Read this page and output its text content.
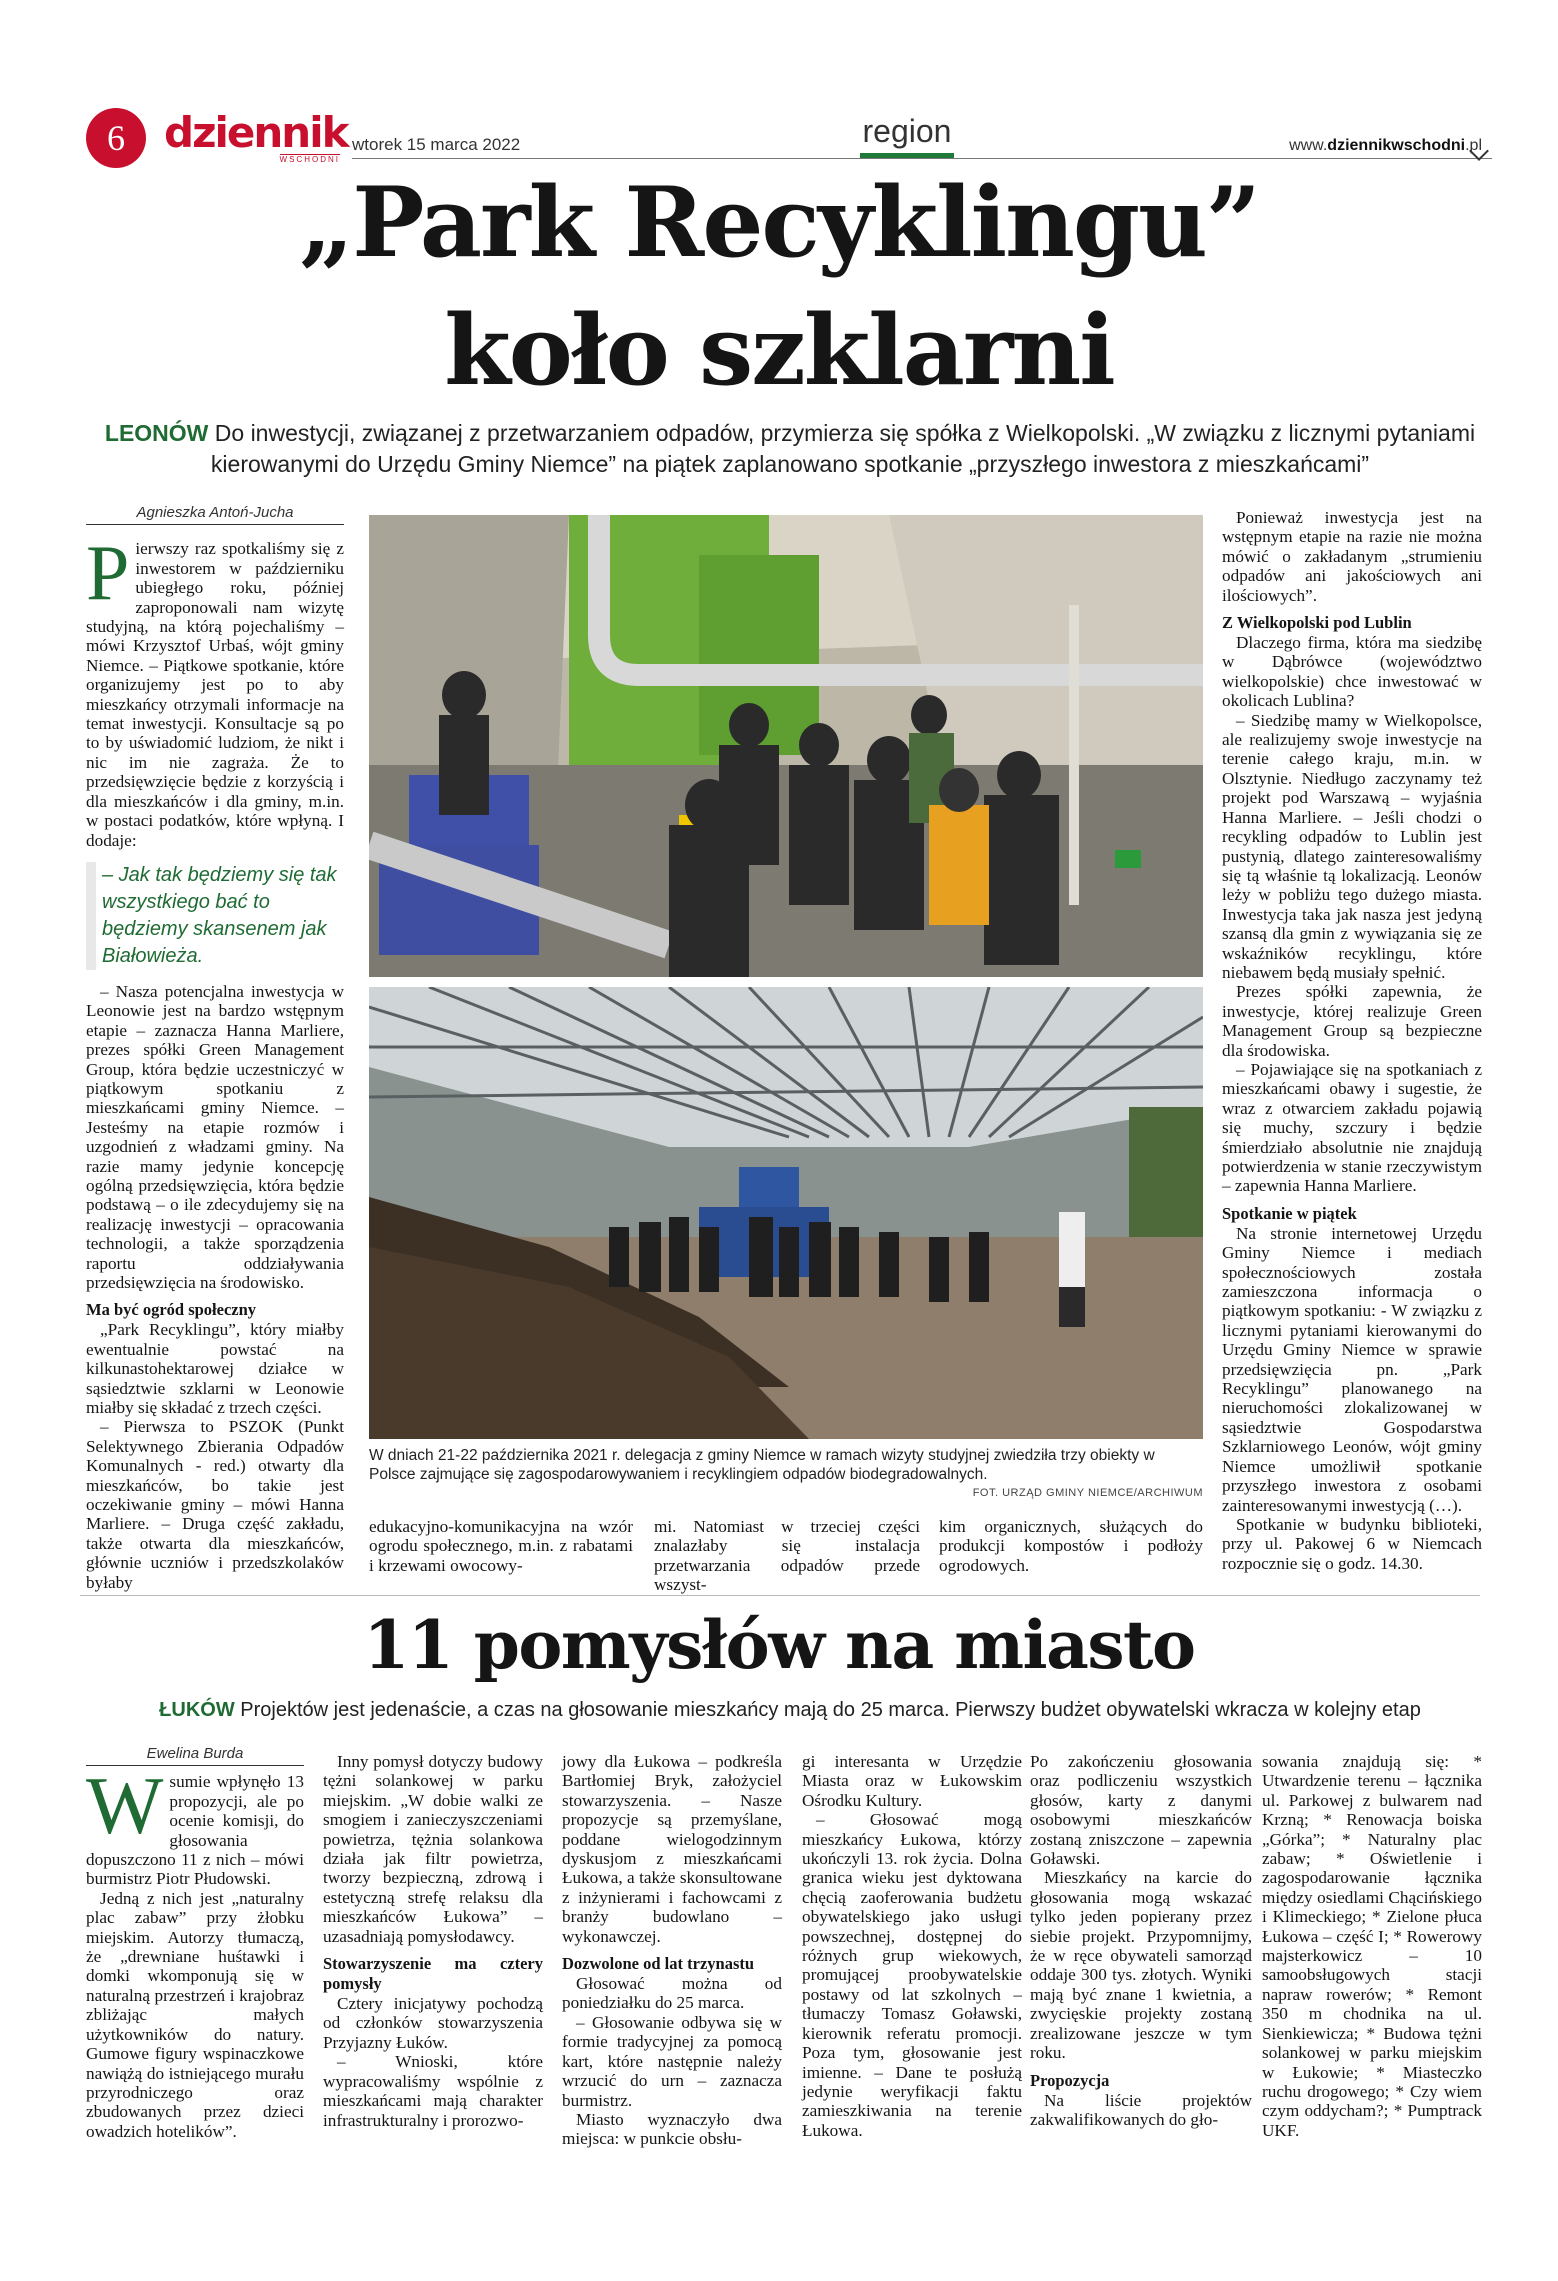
6 dziennik
WSCHODNI
wtorek 15 marca 2022	region	www.dziennikwschodni.pl
„Park Recyklingu”
koło szklarni
LEONÓW Do inwestycji, związanej z przetwarzaniem odpadów, przymierza się spółka z Wielkopolski. „W związku z licznymi pytaniami kierowanymi do Urzędu Gminy Niemce” na piątek zaplanowano spotkanie „przyszłego inwestora z mieszkańcami”
Agnieszka Antoń-Jucha
P ierwszy raz spotkaliśmy się z inwestorem w październiku ubiegłego roku, później zaproponowali nam wizytę studyjną, na którą pojechaliśmy – mówi Krzysztof Urbaś, wójt gminy Niemce. – Piątkowe spotkanie, które organizujemy jest po to aby mieszkańcy otrzymali informacje na temat inwestycji. Konsultacje są po to by uświadomić ludziom, że nikt i nic im nie zagraża. Że to przedsięwzięcie będzie z korzyścią i dla mieszkańców i dla gminy, m.in. w postaci podatków, które wpłyną. I dodaje:

– Jak tak będziemy się tak wszystkiego bać to będziemy skansenem jak Białowieża.

– Nasza potencjalna inwestycja w Leonowie jest na bardzo wstępnym etapie – zaznacza Hanna Marliere, prezes spółki Green Management Group, która będzie uczestniczyć w piątkowym spotkaniu z mieszkańcami gminy Niemce. – Jesteśmy na etapie rozmów i uzgodnień z władzami gminy. Na razie mamy jedynie koncepcję ogólną przedsięwzięcia, która będzie podstawą – o ile zdecydujemy się na realizację inwestycji – opracowania technologii, a także sporządzenia raportu oddziaływania przedsięwzięcia na środowisko.

Ma być ogród społeczny

„Park Recyklingu”, który miałby ewentualnie powstać na kilkunastohektarowej działce w sąsiedztwie szklarni w Leonowie miałby się składać z trzech części.

– Pierwsza to PSZOK (Punkt Selektywnego Zbierania Odpadów Komunalnych - red.) otwarty dla mieszkańców, bo takie jest oczekiwanie gminy – mówi Hanna Marliere. – Druga część zakładu, także otwarta dla mieszkańców, głównie uczniów i przedszkolaków byłaby

W dniach 21-22 października 2021 r. delegacja z gminy Niemce w ramach wizyty studyjnej zwiedziła trzy obiekty w Polsce zajmujące się zagospodarowywaniem i recyklingiem odpadów biodegradowalnych.
FOT. URZĄD GMINY NIEMCE/ARCHIWUM

edukacyjno-komunikacyjna na wzór ogrodu społecznego, m.in. z rabatami i krzewami owocowy-

mi. Natomiast w trzeciej części znalazłaby się instalacja przetwarzania odpadów przede wszyst-

kim organicznych, służących do produkcji kompostów i podłoży ogrodowych.

Ponieważ inwestycja jest na wstępnym etapie na razie nie można mówić o zakładanym „strumieniu odpadów ani jakościowych ani ilościowych”.

Z Wielkopolski pod Lublin

Dlaczego firma, która ma siedzibę w Dąbrówce (województwo wielkopolskie) chce inwestować w okolicach Lublina?

– Siedzibę mamy w Wielkopolsce, ale realizujemy swoje inwestycje na terenie całego kraju, m.in. w Olsztynie. Niedługo zaczynamy też projekt pod Warszawą – wyjaśnia Hanna Marliere. – Jeśli chodzi o recykling odpadów to Lublin jest pustynią, dlatego zainteresowaliśmy się tą właśnie tą lokalizacją. Leonów leży w pobliżu tego dużego miasta. Inwestycja taka jak nasza jest jedyną szansą dla gmin z wywiązania się ze wskaźników recyklingu, które niebawem będą musiały spełnić.

Prezes spółki zapewnia, że inwestycje, której realizuje Green Management Group są bezpieczne dla środowiska.

– Pojawiające się na spotkaniach z mieszkańcami obawy i sugestie, że wraz z otwarciem zakładu pojawią się muchy, szczury i będzie śmierdziało absolutnie nie znajdują potwierdzenia w stanie rzeczywistym – zapewnia Hanna Marliere.

Spotkanie w piątek

Na stronie internetowej Urzędu Gminy Niemce i mediach społecznościowych została zamieszczona informacja o piątkowym spotkaniu: - W związku z licznymi pytaniami kierowanymi do Urzędu Gminy Niemce w sprawie przedsięwzięcia pn. „Park Recyklingu” planowanego na nieruchomości zlokalizowanej w sąsiedztwie Gospodarstwa Szklarniowego Leonów, wójt gminy Niemce umożliwił spotkanie przyszłego inwestora z osobami zainteresowanymi inwestycją (…).

Spotkanie w budynku biblioteki, przy ul. Pakowej 6 w Niemcach rozpocznie się o godz. 14.30.

11 pomysłów na miasto
ŁUKÓW Projektów jest jedenaście, a czas na głosowanie mieszkańcy mają do 25 marca. Pierwszy budżet obywatelski wkracza w kolejny etap
Ewelina Burda
W sumie wpłynęło 13 propozycji, ale po ocenie komisji, do głosowania dopuszczono 11 z nich – mówi burmistrz Piotr Płudowski.

Jedną z nich jest „naturalny plac zabaw” przy żłobku miejskim. Autorzy tłumaczą, że „drewniane huśtawki i domki wkomponują się w naturalną przestrzeń i krajobraz zbliżając małych użytkowników do natury. Gumowe figury wspinaczkowe nawiążą do istniejącego murału przyrodniczego oraz zbudowanych przez dzieci owadzich hotelików”.

Inny pomysł dotyczy budowy tężni solankowej w parku miejskim. „W dobie walki ze smogiem i zanieczyszczeniami powietrza, tężnia solankowa działa jak filtr powietrza, tworzy bezpieczną, zdrową i estetyczną strefę relaksu dla mieszkańców Łukowa” – uzasadniają pomysłodawcy.

Stowarzyszenie ma cztery pomysły

Cztery inicjatywy pochodzą od członków stowarzyszenia Przyjazny Łuków.

– Wnioski, które wypracowaliśmy wspólnie z mieszkańcami mają charakter infrastrukturalny i prorozwo-

jowy dla Łukowa – podkreśla Bartłomiej Bryk, założyciel stowarzyszenia. – Nasze propozycje są przemyślane, poddane wielogodzinnym dyskusjom z mieszkańcami Łukowa, a także skonsultowane z inżynierami i fachowcami z branży budowlano – wykonawczej.

Dozwolone od lat trzynastu

Głosować można od poniedziałku do 25 marca.

– Głosowanie odbywa się w formie tradycyjnej za pomocą kart, które następnie należy wrzucić do urn – zaznacza burmistrz.

Miasto wyznaczyło dwa miejsca: w punkcie obsłu-

gi interesanta w Urzędzie Miasta oraz w Łukowskim Ośrodku Kultury.

– Głosować mogą mieszkańcy Łukowa, którzy ukończyli 13. rok życia. Dolna granica wieku jest dyktowana chęcią zaoferowania budżetu obywatelskiego jako usługi powszechnej, dostępnej do różnych grup wiekowych, promującej proobywatelskie postawy od lat szkolnych – tłumaczy Tomasz Goławski, kierownik referatu promocji. Poza tym, głosowanie jest imienne. – Dane te posłużą jedynie weryfikacji faktu zamieszkiwania na terenie Łukowa.

Po zakończeniu głosowania oraz podliczeniu wszystkich głosów, karty z danymi osobowymi mieszkańców zostaną zniszczone – zapewnia Goławski.

Mieszkańcy na karcie do głosowania mogą wskazać tylko jeden popierany przez siebie projekt. Przypomnijmy, że w ręce obywateli samorząd oddaje 300 tys. złotych. Wyniki mają być znane 1 kwietnia, a zwycięskie projekty zostaną zrealizowane jeszcze w tym roku.

Propozycja

Na liście projektów zakwalifikowanych do gło-

sowania znajdują się: * Utwardzenie terenu – łącznika ul. Parkowej z bulwarem nad Krzną; * Renowacja boiska „Górka”; * Naturalny plac zabaw; * Oświetlenie i zagospodarowanie łącznika między osiedlami Chącińskiego i Klimeckiego; * Zielone płuca Łukowa – część I; * Rowerowy majsterkowicz – 10 samoobsługowych stacji napraw rowerów; * Remont 350 m chodnika na ul. Sienkiewicza; * Budowa tężni solankowej w parku miejskim w Łukowie; * Miasteczko ruchu drogowego; * Czy wiem czym oddycham?; * Pumptrack UKF.
